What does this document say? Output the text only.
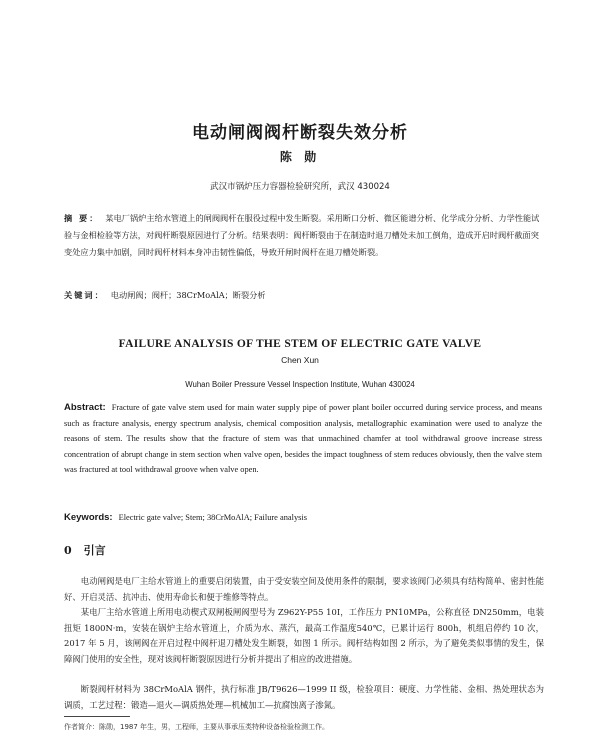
电动闸阀阀杆断裂失效分析
陈 勋
武汉市锅炉压力容器检验研究所，武汉 430024
摘 要： 某电厂锅炉主给水管道上的闸阀阀杆在服役过程中发生断裂。采用断口分析、微区能谱分析、化学成分分析、力学性能试验与金相检验等方法，对阀杆断裂原因进行了分析。结果表明：阀杆断裂由于在制造时退刀槽处未加工倒角，造成开启时阀杆截面突变处应力集中加剧，同时阀杆材料本身冲击韧性偏低，导致开闸时阀杆在退刀槽处断裂。
关键词： 电动闸阀；阀杆；38CrMoAlA；断裂分析
FAILURE ANALYSIS OF THE STEM OF ELECTRIC GATE VALVE
Chen Xun
Wuhan Boiler Pressure Vessel Inspection Institute, Wuhan 430024
Abstract: Fracture of gate valve stem used for main water supply pipe of power plant boiler occurred during service process, and means such as fracture analysis, energy spectrum analysis, chemical composition analysis, metallographic examination were used to analyze the reasons of stem. The results show that the fracture of stem was that unmachined chamfer at tool withdrawal groove increase stress concentration of abrupt change in stem section when valve open, besides the impact toughness of stem reduces obviously, then the valve stem was fractured at tool withdrawal groove when valve open.
Keywords: Electric gate valve; Stem; 38CrMoAlA; Failure analysis
0 引言
电动闸阀是电厂主给水管道上的重要启闭装置，由于受安装空间及使用条件的限制，要求该阀门必须具有结构简单、密封性能好、开启灵活、抗冲击、使用寿命长和便于维修等特点。
某电厂主给水管道上所用电动楔式双闸板闸阀型号为 Z962Y-P55 10I，工作压力 PN10MPa，公称直径 DN250mm，电装扭矩 1800N·m，安装在锅炉主给水管道上，介质为水、蒸汽，最高工作温度540℃，已累计运行 800h，机组启停约 10 次，2017 年 5 月，该闸阀在开启过程中阀杆退刀槽处发生断裂，如图 1 所示。阀杆结构如图 2 所示，为了避免类似事情的发生，保障阀门使用的安全性，现对该阀杆断裂原因进行分析并提出了相应的改进措施。
断裂阀杆材料为 38CrMoAlA 钢件，执行标准 JB/T9626—1999 II 级，检验项目：硬度、力学性能、金相、热处理状态为调质，工艺过程：锻造—退火—调质热处理—机械加工—抗腐蚀离子渗氮。
作者简介：陈勋，1987 年生，男，工程师，主要从事承压类特种设备检验检测工作。
